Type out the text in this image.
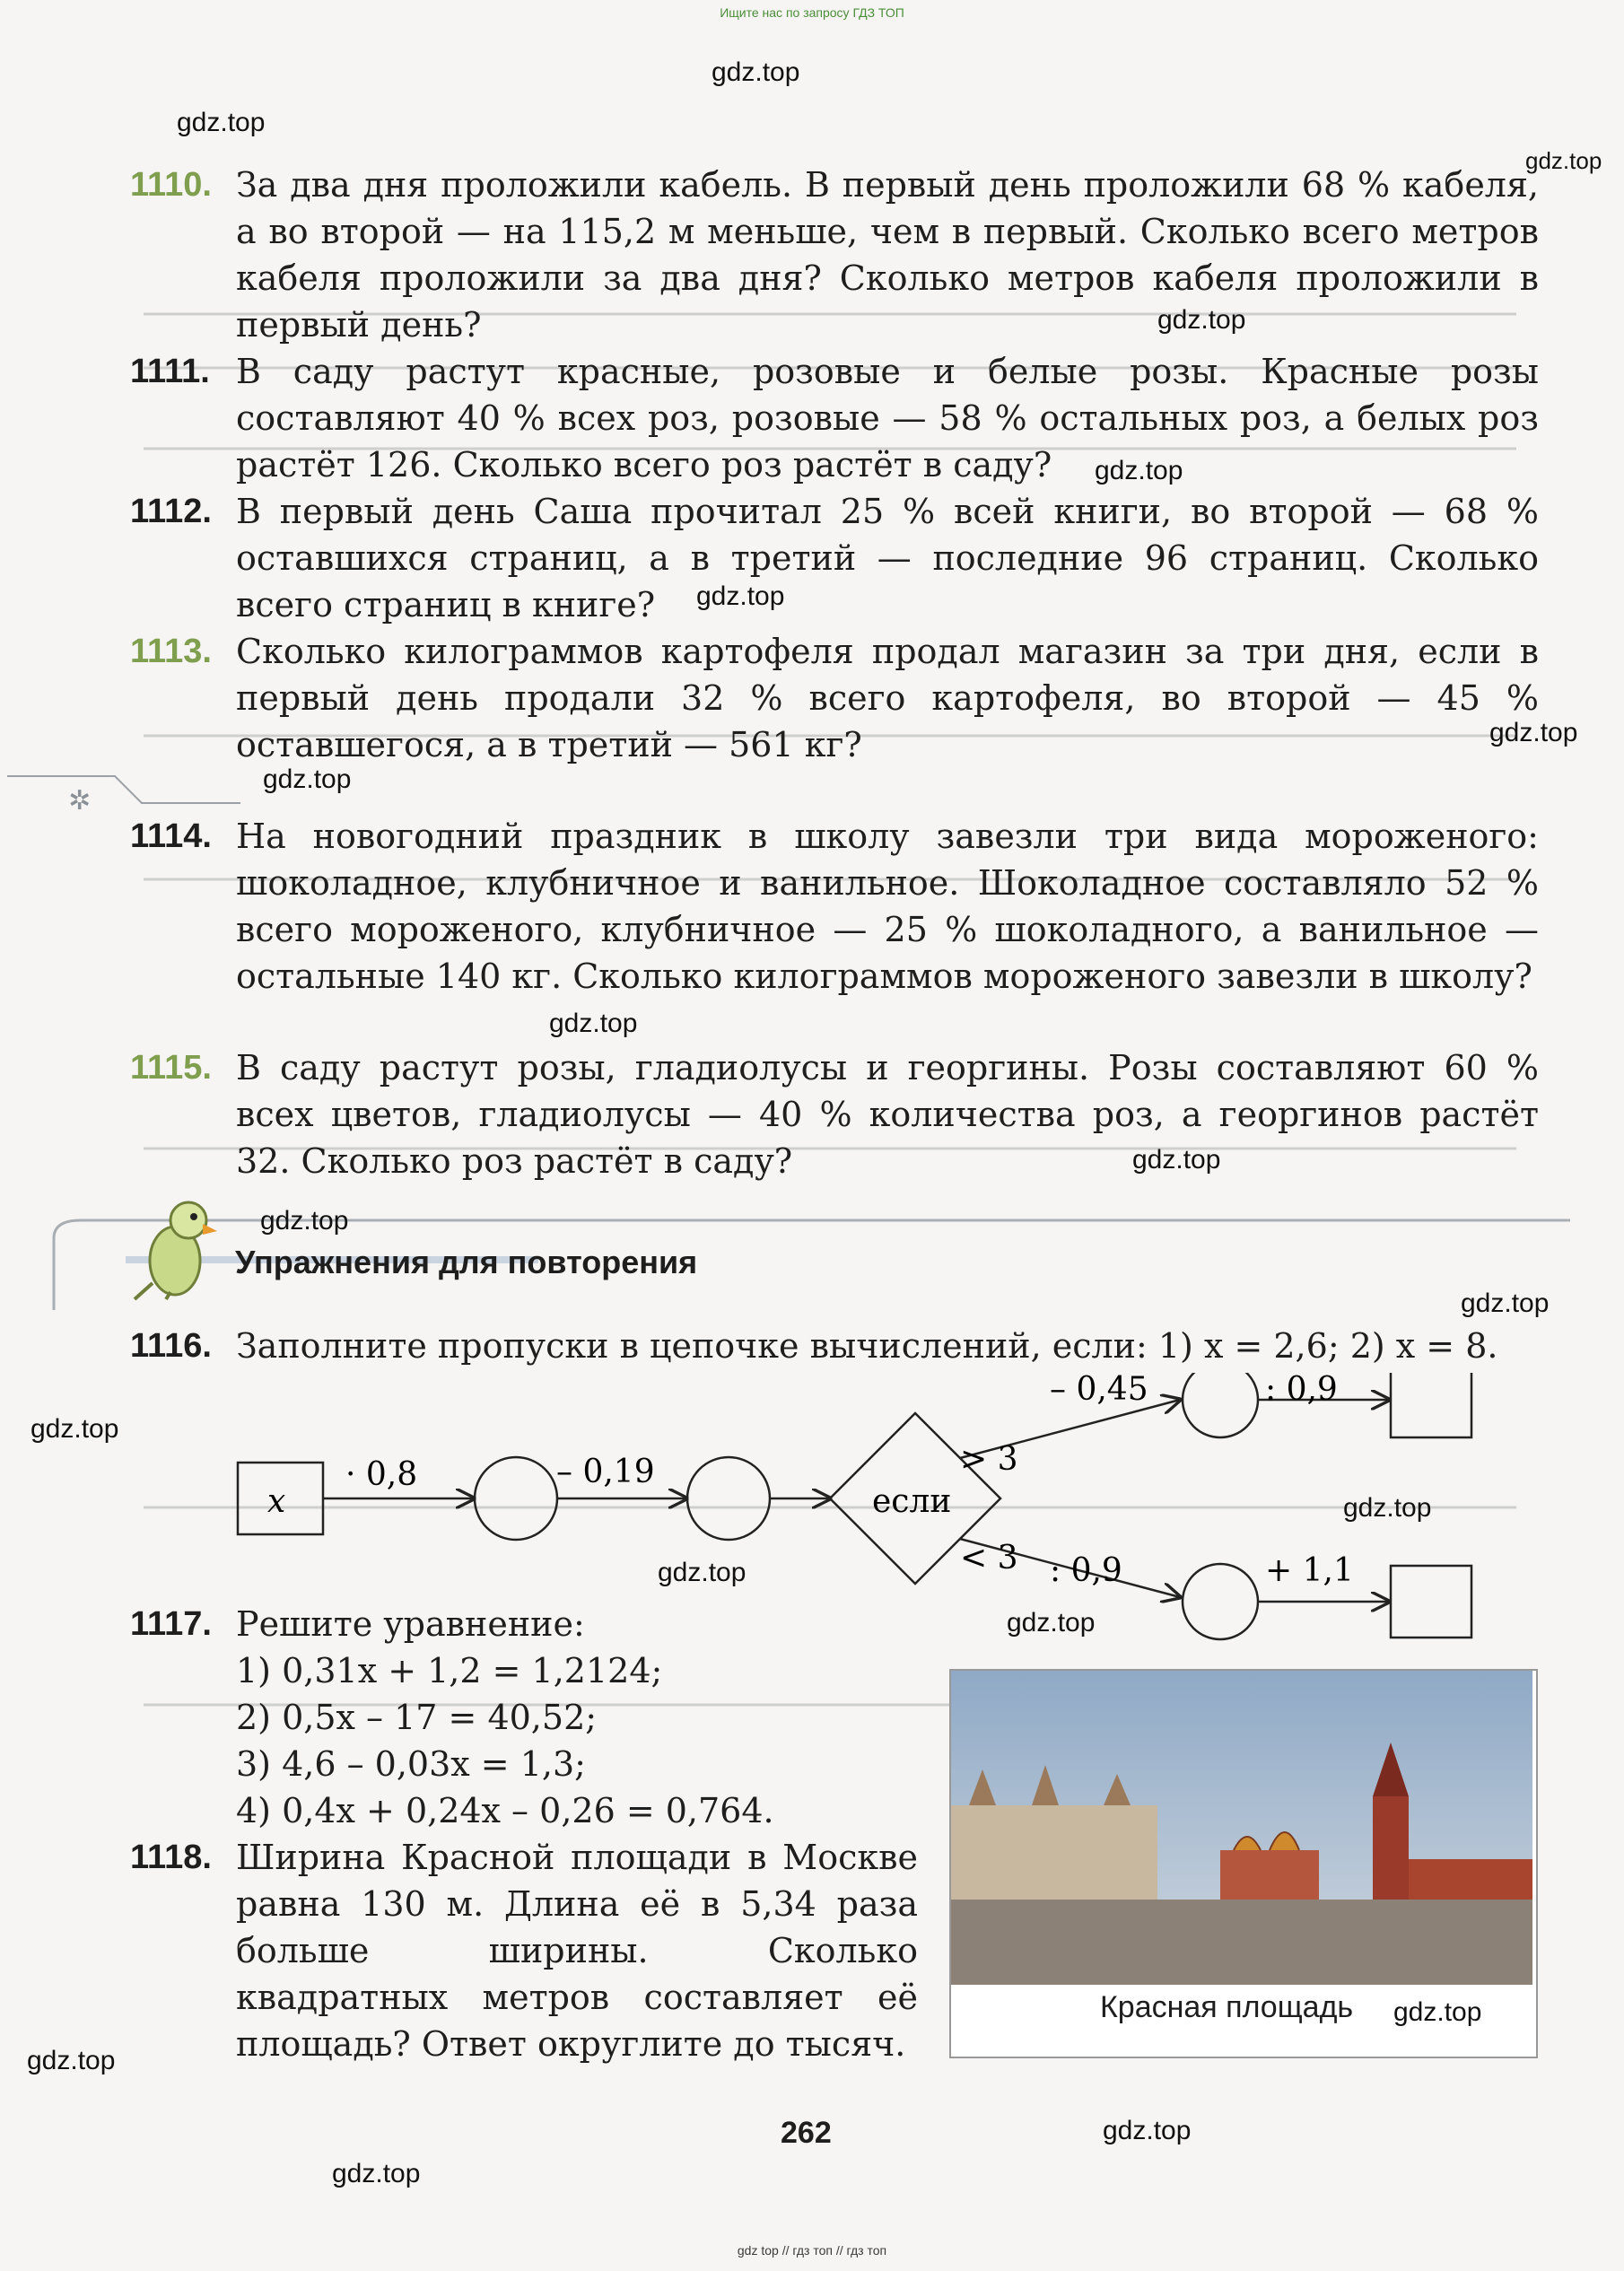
Ищите нас по запросу ГДЗ ТОП
gdz top // гдз топ // гдз топ
✲
1110. За два дня проложили кабель. В первый день проложили 68 % кабеля, а во второй — на 115,2 м меньше, чем в первый. Сколько всего метров кабеля проложили за два дня? Сколько метров кабеля проложили в первый день?
1111. В саду растут красные, розовые и белые розы. Красные розы составляют 40 % всех роз, розовые — 58 % остальных роз, а белых роз растёт 126. Сколько всего роз растёт в саду?
1112. В первый день Саша прочитал 25 % всей книги, во второй — 68 % оставшихся страниц, а в третий — последние 96 страниц. Сколько всего страниц в книге?
1113. Сколько килограммов картофеля продал магазин за три дня, если в первый день продали 32 % всего картофеля, во второй — 45 % оставшегося, а в третий — 561 кг?
1114. На новогодний праздник в школу завезли три вида мороженого: шоколадное, клубничное и ванильное. Шоколадное составляло 52 % всего мороженого, клубничное — 25 % шоколадного, а ванильное — остальные 140 кг. Сколько килограммов мороженого завезли в школу?
1115. В саду растут розы, гладиолусы и георгины. Розы составляют 60 % всех цветов, гладиолусы — 40 % количества роз, а георгинов растёт 32. Сколько роз растёт в саду?
Упражнения для повторения
1116. Заполните пропуски в цепочке вычислений, если: 1) x = 2,6; 2) x = 8.
x
· 0,8	– 0,19
если
> 3
< 3
– 0,45	: 0,9
: 0,9	+ 1,1
1117. Решите уравнение:
1) 0,31x + 1,2 = 1,2124;
2) 0,5x – 17 = 40,52;
3) 4,6 – 0,03x = 1,3;
4) 0,4x + 0,24x – 0,26 = 0,764.
1118. Ширина Красной площади в Москве равна 130 м. Длина её в 5,34 раза больше ширины. Сколько квадратных метров составляет её площадь? Ответ округлите до тысяч.
Красная площадь
262
gdz.top
gdz.top
gdz.top
gdz.top
gdz.top
gdz.top
gdz.top
gdz.top
gdz.top
gdz.top
gdz.top
gdz.top
gdz.top
gdz.top
gdz.top
gdz.top
gdz.top
gdz.top
gdz.top
gdz.top
